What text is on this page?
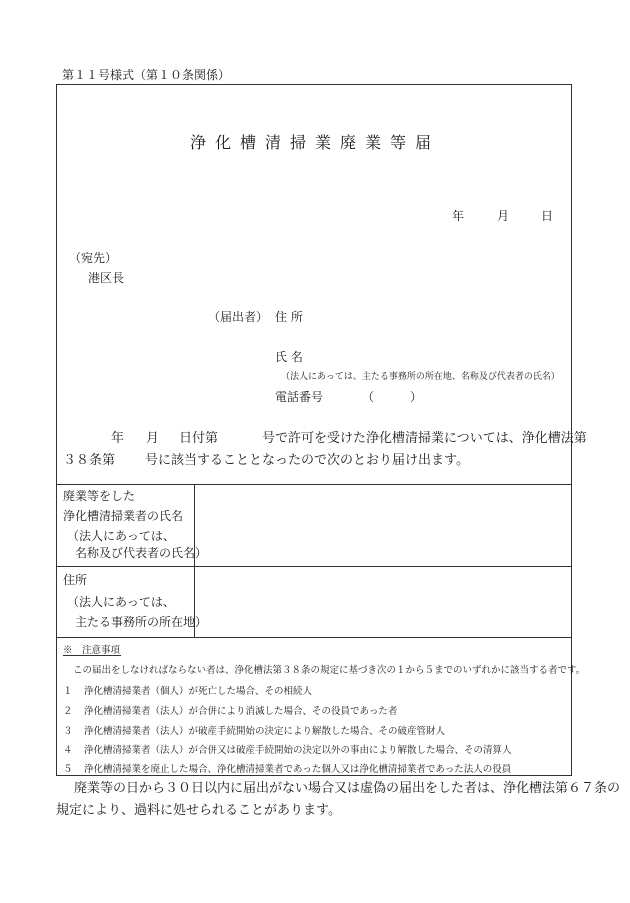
第１１号様式（第１０条関係）
浄化槽清掃業廃業等届
年	月	日
（宛先）
港区長
（届出者） 住 所
氏 名
（法人にあっては、主たる事務所の所在地、名称及び代表者の氏名）
電話番号	（	）
年 月 日付第	号で許可を受けた浄化槽清掃業については、浄化槽法第
３８条第 号に該当することとなったので次のとおり届け出ます。
廃業等をした
浄化槽清掃業者の氏名
（法人にあっては、
名称及び代表者の氏名）
住所
（法人にあっては、
主たる事務所の所在地）
※　注意事項
この届出をしなければならない者は、浄化槽法第３８条の規定に基づき次の１から５までのいずれかに該当する者です。
１ 浄化槽清掃業者（個人）が死亡した場合、その相続人
２ 浄化槽清掃業者（法人）が合併により消滅した場合、その役員であった者
３ 浄化槽清掃業者（法人）が破産手続開始の決定により解散した場合、その破産管財人
４ 浄化槽清掃業者（法人）が合併又は破産手続開始の決定以外の事由により解散した場合、その清算人
５ 浄化槽清掃業を廃止した場合、浄化槽清掃業者であった個人又は浄化槽清掃業者であった法人の役員
廃業等の日から３０日以内に届出がない場合又は虚偽の届出をした者は、浄化槽法第６７条の
規定により、過料に処せられることがあります。
